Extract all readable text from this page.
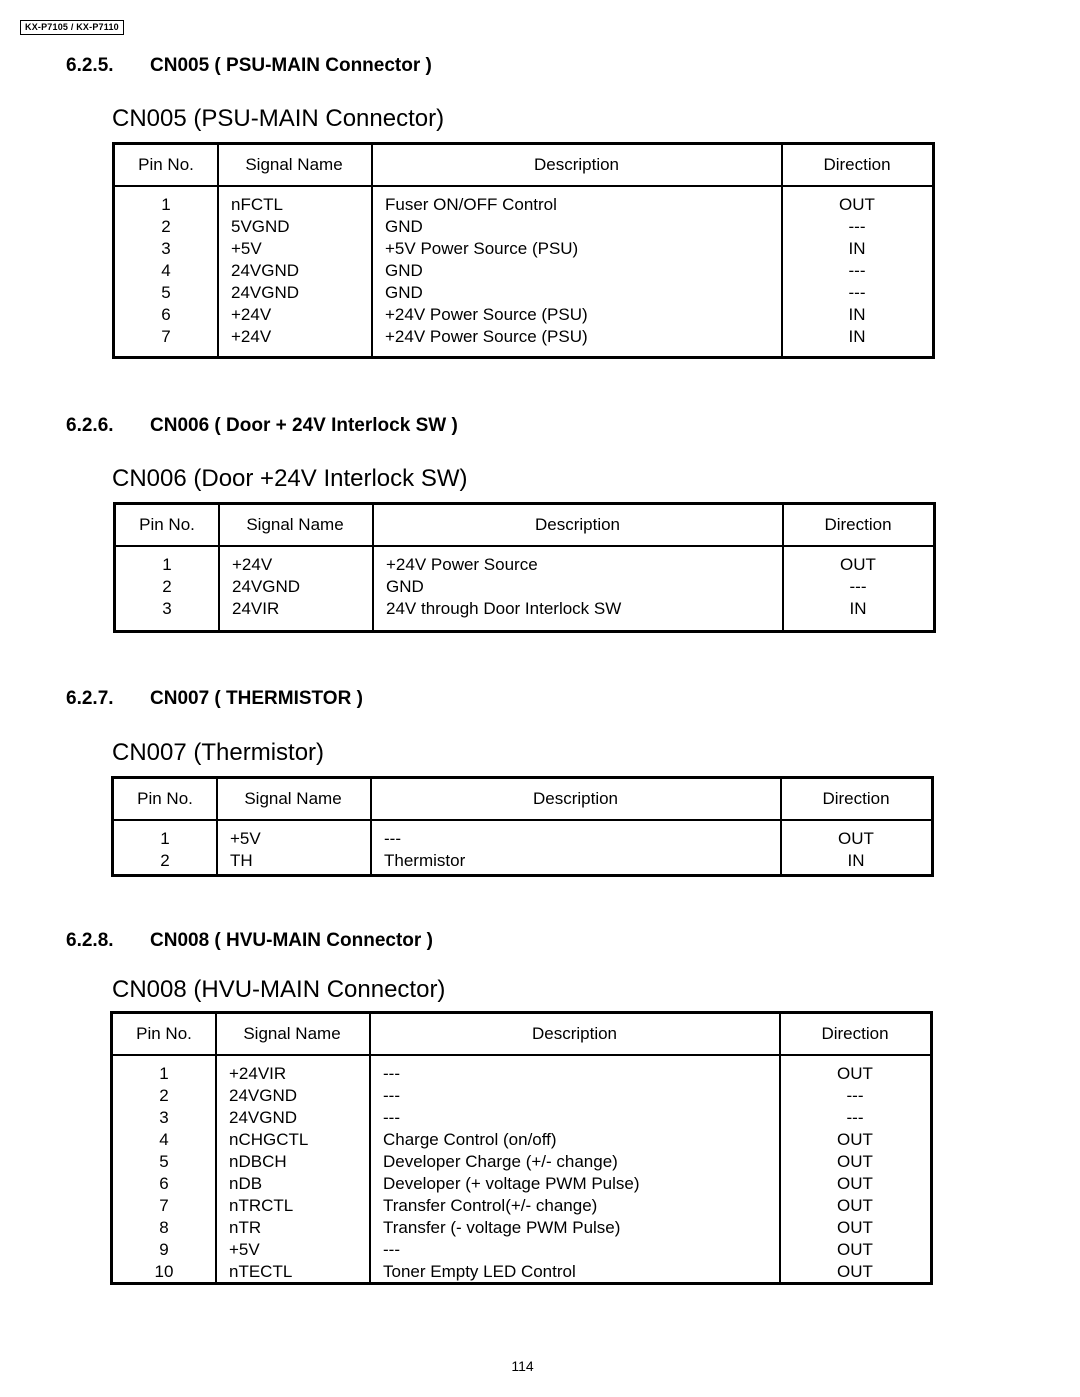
KX-P7105 / KX-P7110
6.2.5. CN005 ( PSU-MAIN Connector )
CN005 (PSU-MAIN Connector)
Pin No.	Signal Name	Description	Direction
1	nFCTL	Fuser ON/OFF Control	OUT
2	5VGND	GND	---
3	+5V	+5V Power Source (PSU)	IN
4	24VGND	GND	---
5	24VGND	GND	---
6	+24V	+24V Power Source (PSU)	IN
7	+24V	+24V Power Source (PSU)	IN
6.2.6. CN006 ( Door + 24V Interlock SW )
CN006 (Door +24V Interlock SW)
Pin No.	Signal Name	Description	Direction
1	+24V	+24V Power Source	OUT
2	24VGND	GND	---
3	24VIR	24V through Door Interlock SW	IN
6.2.7. CN007 ( THERMISTOR )
CN007 (Thermistor)
Pin No.	Signal Name	Description	Direction
1	+5V	---	OUT
2	TH	Thermistor	IN
6.2.8. CN008 ( HVU-MAIN Connector )
CN008 (HVU-MAIN Connector)
Pin No.	Signal Name	Description	Direction
1	+24VIR	---	OUT
2	24VGND	---	---
3	24VGND	---	---
4	nCHGCTL	Charge Control (on/off)	OUT
5	nDBCH	Developer Charge (+/- change)	OUT
6	nDB	Developer (+ voltage PWM Pulse)	OUT
7	nTRCTL	Transfer Control(+/- change)	OUT
8	nTR	Transfer (- voltage PWM Pulse)	OUT
9	+5V	---	OUT
10	nTECTL	Toner Empty LED Control	OUT
114
